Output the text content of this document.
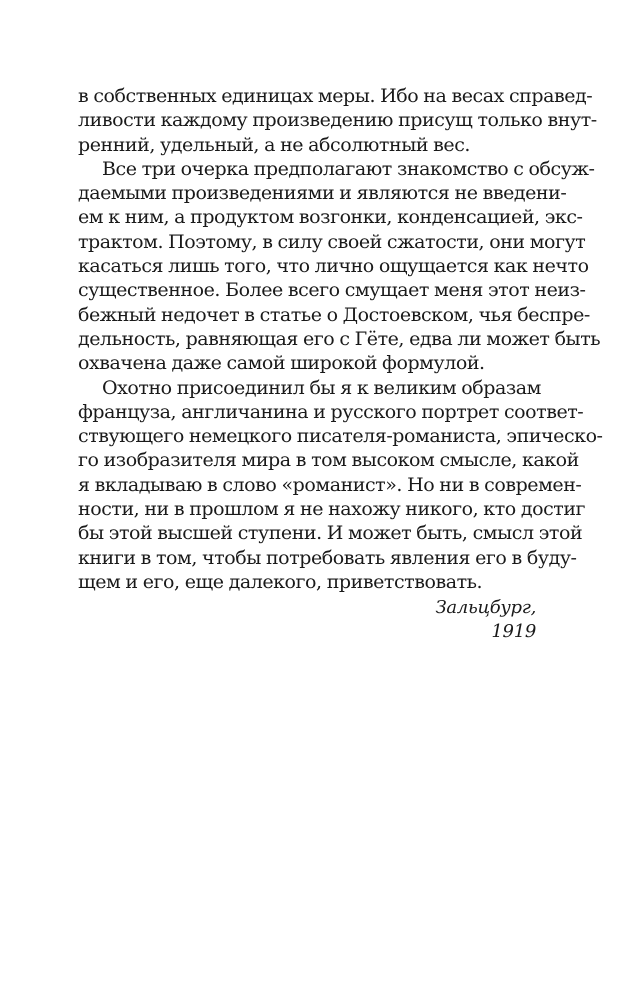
в собственных единицах меры. Ибо на весах справед-
ливости каждому произведению присущ только внут-
ренний, удельный, а не абсолютный вес.
Все три очерка предполагают знакомство с обсуж-
даемыми произведениями и являются не введени-
ем к ним, а продуктом возгонки, конденсацией, экс-
трактом. Поэтому, в силу своей сжатости, они могут
касаться лишь того, что лично ощущается как нечто
существенное. Более всего смущает меня этот неиз-
бежный недочет в статье о Достоевском, чья беспре-
дельность, равняющая его с Гёте, едва ли может быть
охвачена даже самой широкой формулой.
Охотно присоединил бы я к великим образам
француза, англичанина и русского портрет соответ-
ствующего немецкого писателя-романиста, эпическо-
го изобразителя мира в том высоком смысле, какой
я вкладываю в слово «романист». Но ни в современ-
ности, ни в прошлом я не нахожу никого, кто достиг
бы этой высшей ступени. И может быть, смысл этой
книги в том, чтобы потребовать явления его в буду-
щем и его, еще далекого, приветствовать.
Зальцбург,
1919
